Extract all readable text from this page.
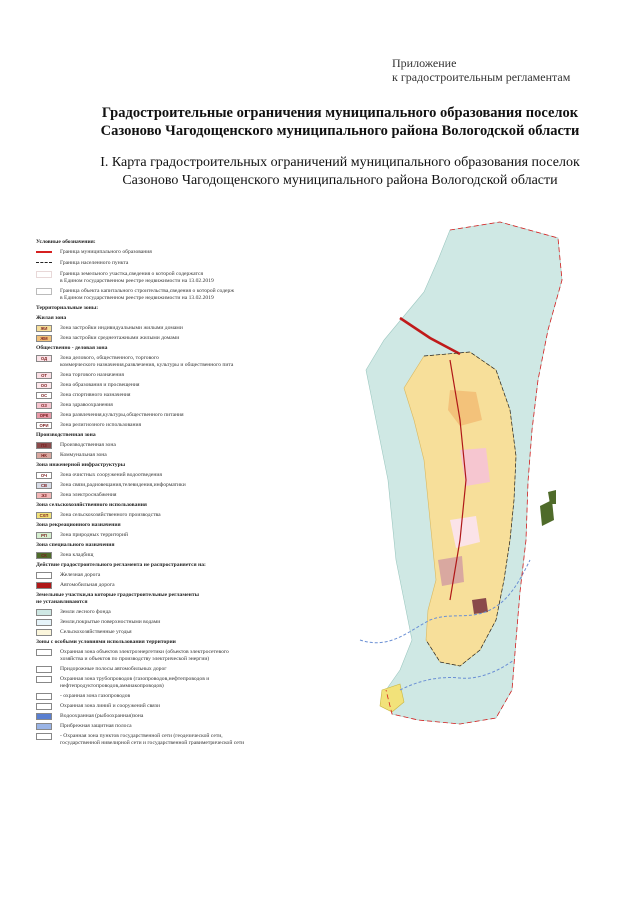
Приложение
к градостроительным регламентам
Градостроительные ограничения муниципального образования поселок
Сазоново Чагодощенского муниципального района Вологодской области
I. Карта градостроительных ограничений муниципального образования поселок
Сазоново Чагодощенского муниципального района Вологодской области
Условные обозначения:
Граница муниципального образования
Граница населенного пункта
Граница земельного участка,сведения о которой содержатся
в Едином государственном реестре недвижимости на 13.02.2019
Граница объекта капитального строительства,сведения о которой содерж
в Едином государственном реестре недвижимости на 13.02.2019
Территориальные зоны:
Жилая зона
ЖИ	Зона застройки индивидуальными жилыми домами
ЖМ	Зона застройки среднеэтажными жилыми домами
Общественно - деловая зона
ОД	Зона делового, общественного, торгового
коммерческого назначения,развлечения, культуры и общественного пита
ОТ	Зона торгового назначения
ОО	Зона образования и просвещения
ОС	Зона спортивного назначения
ОЗ	Зона здравоохранения
ОРК	Зона развлечения,культуры,общественного питания
ОРИ	Зона религиозного использования
Производственная зона
ПЗ	Производственная зона
НК	Коммунальная зона
Зона инженерной инфраструктуры
ОЧ	Зона очистных сооружений водоотведения
СВ	Зона связи,радиовещания,телевидения,информатики
ЭЗ	Зона электроснабжения
Зона сельскохозяйственного использования
СХП	Зона сельскохозяйственного производства
Зона рекреационного назначения
РП	Зона природных территорий
Зона специального назначения
СК	Зона кладбищ
Действие градостроительного регламента не распространяется на:
Железная дорога
Автомобильная дорога
Земельные участки,на которые градостроительные регламенты
не устанавливаются
Земли лесного фонда
Земли,покрытые поверхностными водами
Сельскохозяйственные угодья
Зоны с особыми условиями использования территории
Охранная зона объектов электроэнергетики (объектов электросетевого
хозяйства и объектов по производству электрической энергии)
Придорожные полосы автомобильных дорог
Охранная зона трубопроводов (газопроводов,нефтепроводов и
нефтепродуктопроводов,аммиакопроводов)
- охранная зона газопроводов
Охранная зона линий и сооружений связи
Водоохранная (рыбоохранная)зона
Прибрежная защитная полоса
- Охранная зона пунктов государственной сети (геодезической сети,
государственной нивелирной сети и государственной гравиметрической сети
